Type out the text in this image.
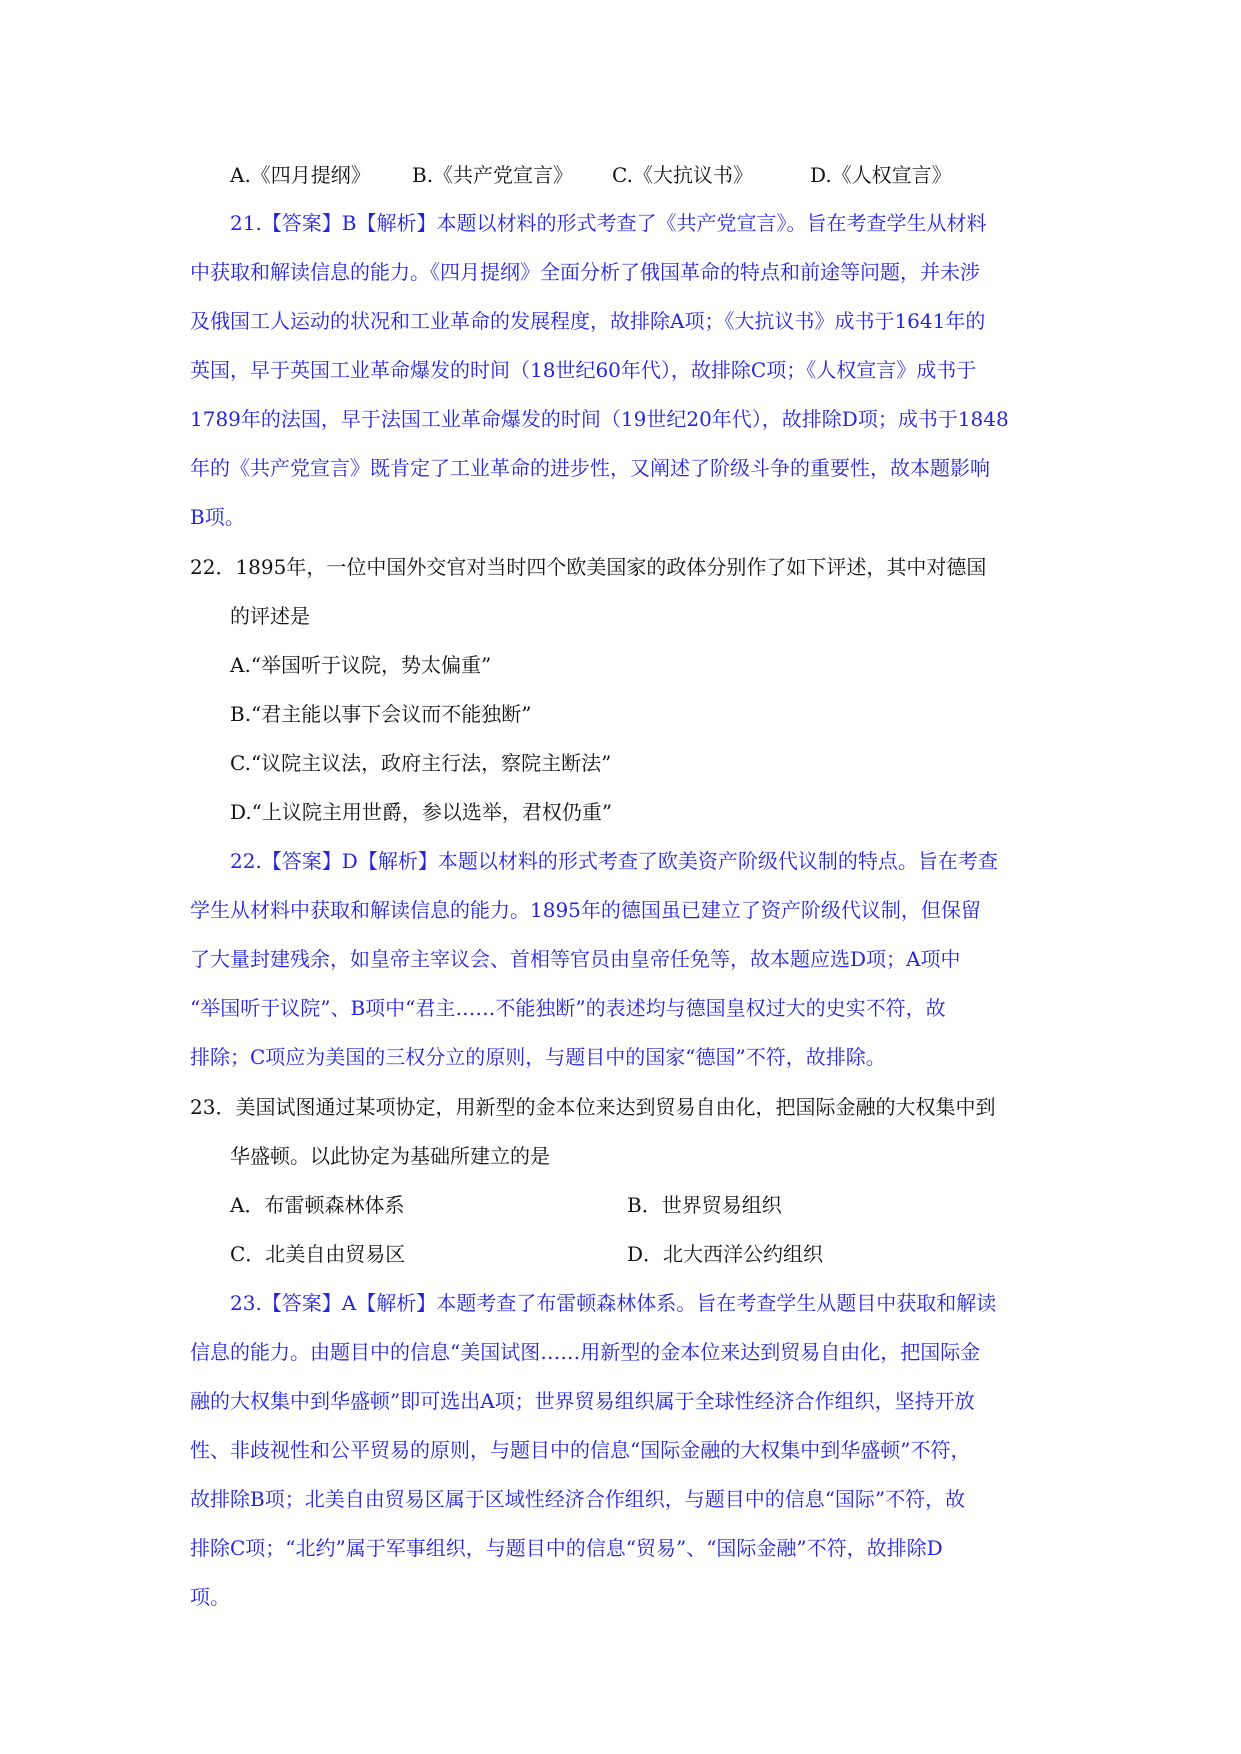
A.《四月提纲》 B.《共产党宣言》 C.《大抗议书》	D.《人权宣言》
21.【答案】B【解析】本题以材料的形式考查了《共产党宣言》。旨在考查学生从材料
中获取和解读信息的能力。《四月提纲》全面分析了俄国革命的特点和前途等问题，并未涉
及俄国工人运动的状况和工业革命的发展程度，故排除A项；《大抗议书》成书于1641年的
英国，早于英国工业革命爆发的时间（18世纪60年代），故排除C项；《人权宣言》成书于
1789年的法国，早于法国工业革命爆发的时间（19世纪20年代），故排除D项；成书于1848
年的《共产党宣言》既肯定了工业革命的进步性，又阐述了阶级斗争的重要性，故本题影响
B项。
22．1895年，一位中国外交官对当时四个欧美国家的政体分别作了如下评述，其中对德国
的评述是
A.“举国听于议院，势太偏重”
B.“君主能以事下会议而不能独断”
C.“议院主议法，政府主行法，察院主断法”
D.“上议院主用世爵，参以选举，君权仍重”
22.【答案】D【解析】本题以材料的形式考查了欧美资产阶级代议制的特点。旨在考查
学生从材料中获取和解读信息的能力。1895年的德国虽已建立了资产阶级代议制，但保留
了大量封建残余，如皇帝主宰议会、首相等官员由皇帝任免等，故本题应选D项；A项中
“举国听于议院”、B项中“君主……不能独断”的表述均与德国皇权过大的史实不符，故
排除；C项应为美国的三权分立的原则，与题目中的国家“德国”不符，故排除。
23．美国试图通过某项协定，用新型的金本位来达到贸易自由化，把国际金融的大权集中到
华盛顿。以此协定为基础所建立的是
A．布雷顿森林体系	B．世界贸易组织
C．北美自由贸易区	D．北大西洋公约组织
23.【答案】A【解析】本题考查了布雷顿森林体系。旨在考查学生从题目中获取和解读
信息的能力。由题目中的信息“美国试图……用新型的金本位来达到贸易自由化，把国际金
融的大权集中到华盛顿”即可选出A项；世界贸易组织属于全球性经济合作组织，坚持开放
性、非歧视性和公平贸易的原则，与题目中的信息“国际金融的大权集中到华盛顿”不符，
故排除B项；北美自由贸易区属于区域性经济合作组织，与题目中的信息“国际”不符，故
排除C项；“北约”属于军事组织，与题目中的信息“贸易”、“国际金融”不符，故排除D
项。
